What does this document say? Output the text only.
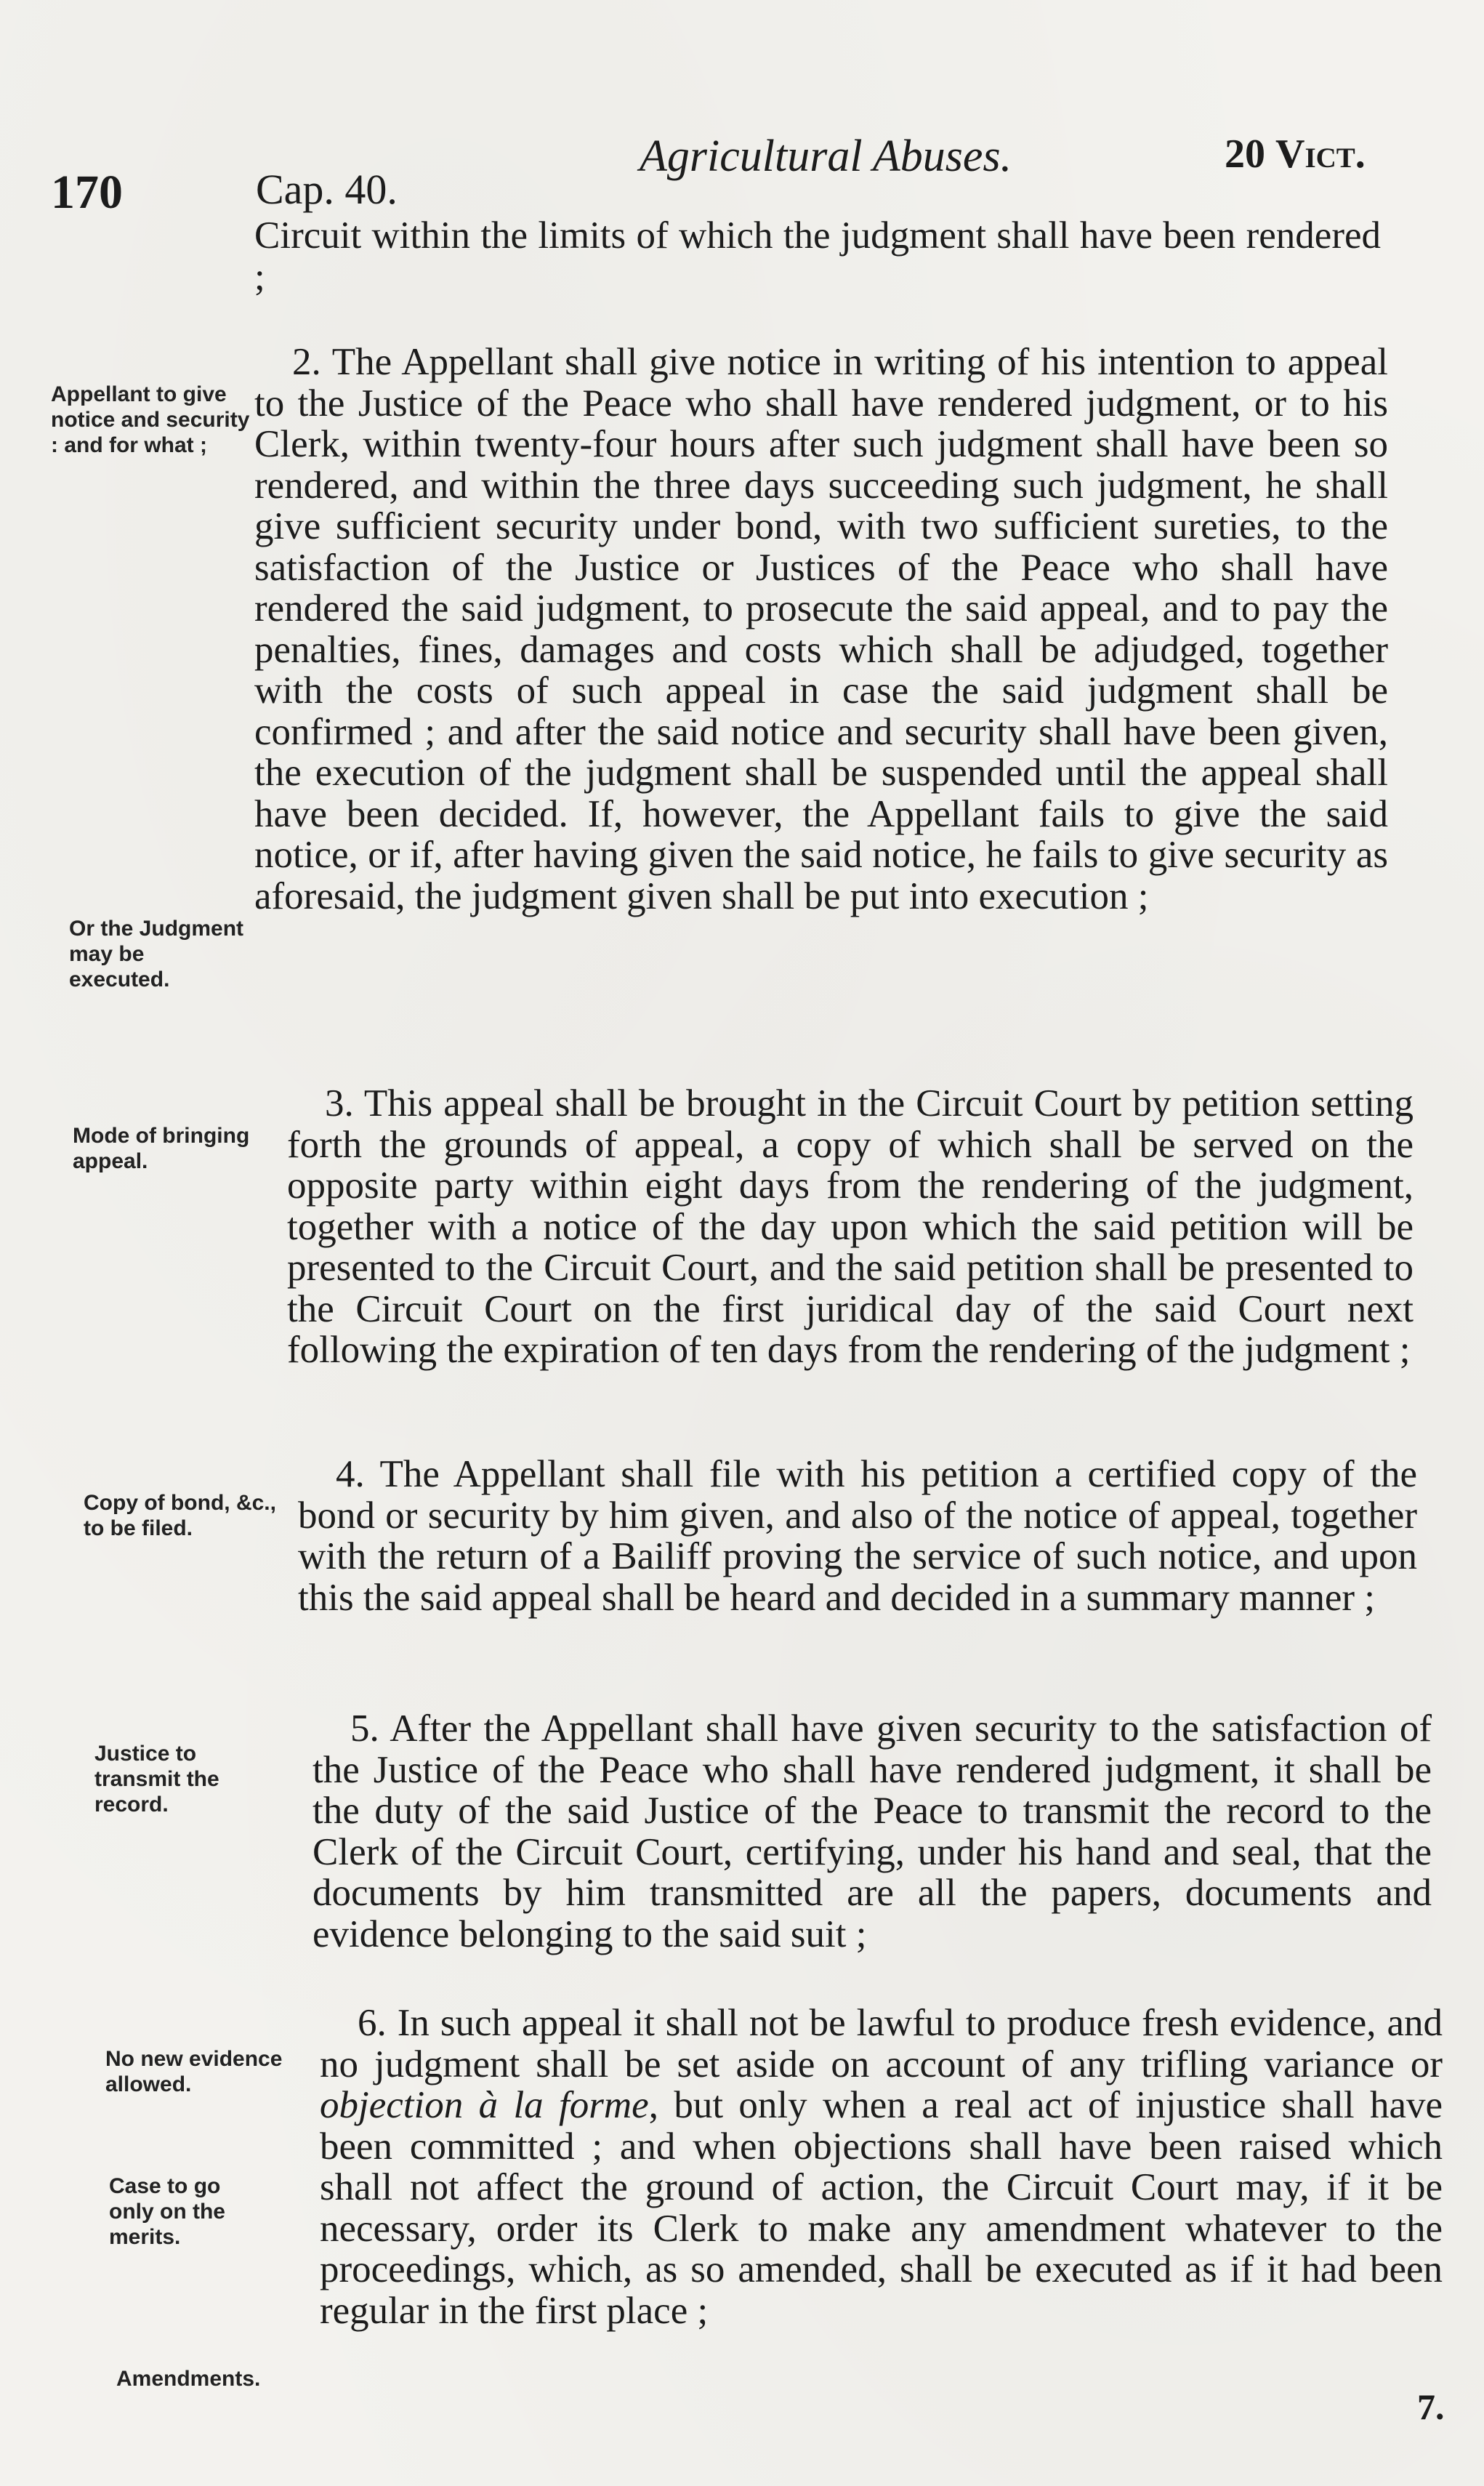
170	Cap. 40.
Agricultural Abuses.	20 Vict.
Circuit within the limits of which the judgment shall have been rendered ;
2. The Appellant shall give notice in writing of his intention to appeal to the Justice of the Peace who shall have rendered judgment, or to his Clerk, within twenty-four hours after such judgment shall have been so rendered, and within the three days succeeding such judgment, he shall give sufficient security under bond, with two sufficient sureties, to the satisfaction of the Justice or Justices of the Peace who shall have rendered the said judgment, to prosecute the said appeal, and to pay the penalties, fines, damages and costs which shall be adjudged, together with the costs of such appeal in case the said judgment shall be confirmed ; and after the said notice and security shall have been given, the execution of the judgment shall be suspended until the appeal shall have been decided. If, however, the Appellant fails to give the said notice, or if, after having given the said notice, he fails to give security as aforesaid, the judgment given shall be put into execution ;
3. This appeal shall be brought in the Circuit Court by petition setting forth the grounds of appeal, a copy of which shall be served on the opposite party within eight days from the rendering of the judgment, together with a notice of the day upon which the said petition will be presented to the Circuit Court, and the said petition shall be presented to the Circuit Court on the first juridical day of the said Court next following the expiration of ten days from the rendering of the judgment ;
4. The Appellant shall file with his petition a certified copy of the bond or security by him given, and also of the notice of appeal, together with the return of a Bailiff proving the service of such notice, and upon this the said appeal shall be heard and decided in a summary manner ;
5. After the Appellant shall have given security to the satisfaction of the Justice of the Peace who shall have rendered judgment, it shall be the duty of the said Justice of the Peace to transmit the record to the Clerk of the Circuit Court, certifying, under his hand and seal, that the documents by him transmitted are all the papers, documents and evidence belonging to the said suit ;
6. In such appeal it shall not be lawful to produce fresh evidence, and no judgment shall be set aside on account of any trifling variance or objection à la forme, but only when a real act of injustice shall have been committed ; and when objections shall have been raised which shall not affect the ground of action, the Circuit Court may, if it be necessary, order its Clerk to make any amendment whatever to the proceedings, which, as so amended, shall be executed as if it had been regular in the first place ;
Appellant to give notice and security : and for what ;
Or the Judgment may be executed.
Mode of bringing appeal.
Copy of bond, &c., to be filed.
Justice to transmit the record.
No new evidence allowed.
Case to go only on the merits.
Amendments.
7.
